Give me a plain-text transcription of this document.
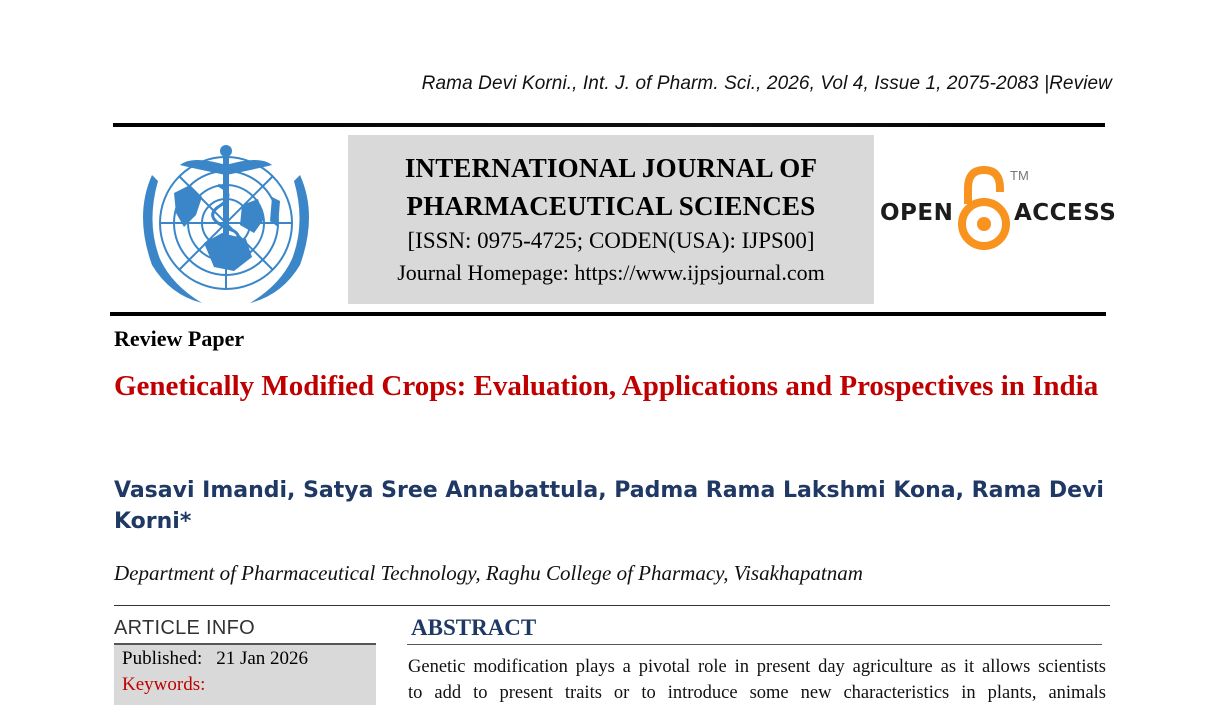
Rama Devi Korni., Int. J. of Pharm. Sci., 2026, Vol 4, Issue 1, 2075-2083 |Review
INTERNATIONAL JOURNAL OF
PHARMACEUTICAL SCIENCES
[ISSN: 0975-4725; CODEN(USA): IJPS00]
Journal Homepage: https://www.ijpsjournal.com
OPEN
TM
ACCESS
Review Paper
Genetically Modified Crops: Evaluation, Applications and Prospectives in India
Vasavi Imandi, Satya Sree Annabattula, Padma Rama Lakshmi Kona, Rama Devi Korni*
Department of Pharmaceutical Technology, Raghu College of Pharmacy, Visakhapatnam
ARTICLE INFO
Published: 21 Jan 2026
Keywords:
ABSTRACT
Genetic modification plays a pivotal role in present day agriculture as it allows scientists
to add to present traits or to introduce some new characteristics in plants, animals
